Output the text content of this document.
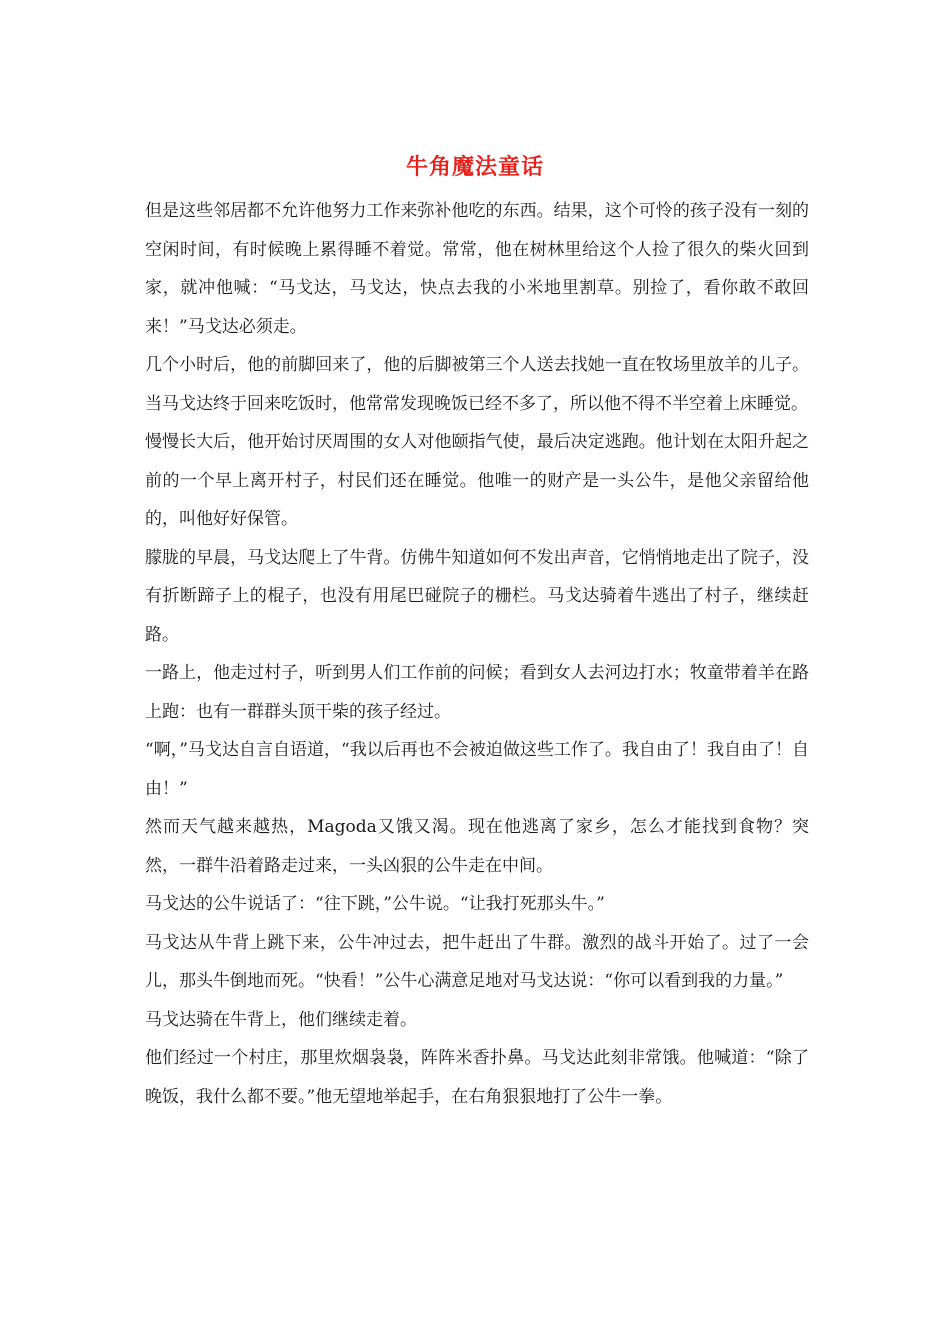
牛角魔法童话

但是这些邻居都不允许他努力工作来弥补他吃的东西。结果，这个可怜的孩子没有一刻的空闲时间，有时候晚上累得睡不着觉。常常，他在树林里给这个人捡了很久的柴火回到家，就冲他喊：“马戈达，马戈达，快点去我的小米地里割草。别捡了，看你敢不敢回来！”马戈达必须走。

几个小时后，他的前脚回来了，他的后脚被第三个人送去找她一直在牧场里放羊的儿子。当马戈达终于回来吃饭时，他常常发现晚饭已经不多了，所以他不得不半空着上床睡觉。

慢慢长大后，他开始讨厌周围的女人对他颐指气使，最后决定逃跑。他计划在太阳升起之前的一个早上离开村子，村民们还在睡觉。他唯一的财产是一头公牛，是他父亲留给他的，叫他好好保管。

朦胧的早晨，马戈达爬上了牛背。仿佛牛知道如何不发出声音，它悄悄地走出了院子，没有折断蹄子上的棍子，也没有用尾巴碰院子的栅栏。马戈达骑着牛逃出了村子，继续赶路。

一路上，他走过村子，听到男人们工作前的问候；看到女人去河边打水；牧童带着羊在路上跑：也有一群群头顶干柴的孩子经过。

“啊，”马戈达自言自语道，“我以后再也不会被迫做这些工作了。我自由了！我自由了！自由！”

然而天气越来越热，Magoda又饿又渴。现在他逃离了家乡，怎么才能找到食物？突然，一群牛沿着路走过来，一头凶狠的公牛走在中间。

马戈达的公牛说话了：“往下跳，”公牛说。“让我打死那头牛。”

马戈达从牛背上跳下来，公牛冲过去，把牛赶出了牛群。激烈的战斗开始了。过了一会儿，那头牛倒地而死。“快看！”公牛心满意足地对马戈达说：“你可以看到我的力量。”

马戈达骑在牛背上，他们继续走着。

他们经过一个村庄，那里炊烟袅袅，阵阵米香扑鼻。马戈达此刻非常饿。他喊道：“除了晚饭，我什么都不要。”他无望地举起手，在右角狠狠地打了公牛一拳。
